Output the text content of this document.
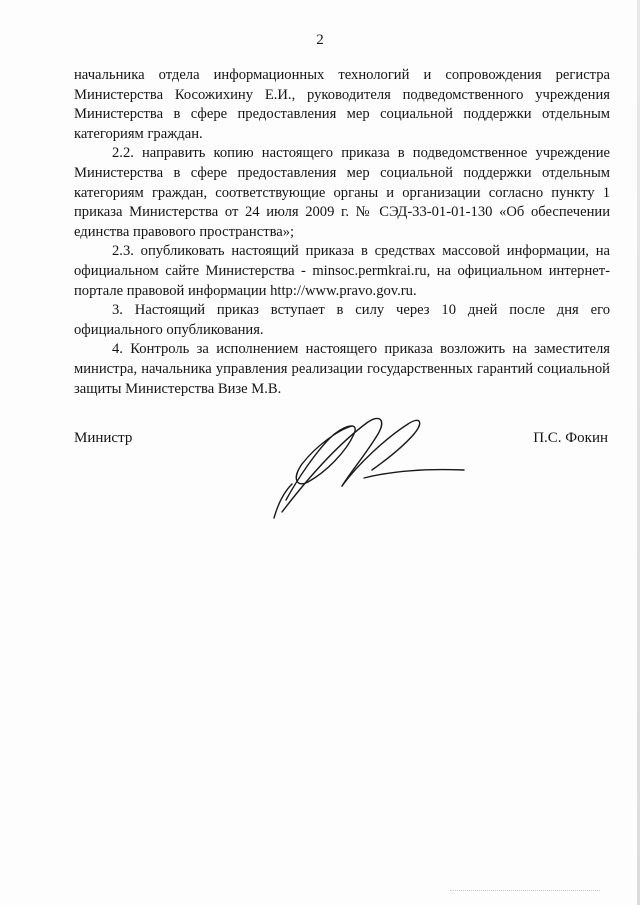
2

начальника отдела информационных технологий и сопровождения регистра Министерства Косожихину Е.И., руководителя подведомственного учреждения Министерства в сфере предоставления мер социальной поддержки отдельным категориям граждан.

2.2. направить копию настоящего приказа в подведомственное учреждение Министерства в сфере предоставления мер социальной поддержки отдельным категориям граждан, соответствующие органы и организации согласно пункту 1 приказа Министерства от 24 июля 2009 г. № СЭД-33-01-01-130 «Об обеспечении единства правового пространства»;

2.3. опубликовать настоящий приказа в средствах массовой информации, на официальном сайте Министерства - minsoc.permkrai.ru, на официальном интернет-портале правовой информации http://www.pravo.gov.ru.

3. Настоящий приказ вступает в силу через 10 дней после дня его официального опубликования.

4. Контроль за исполнением настоящего приказа возложить на заместителя министра, начальника управления реализации государственных гарантий социальной защиты Министерства Визе М.В.

Министр	П.С. Фокин
